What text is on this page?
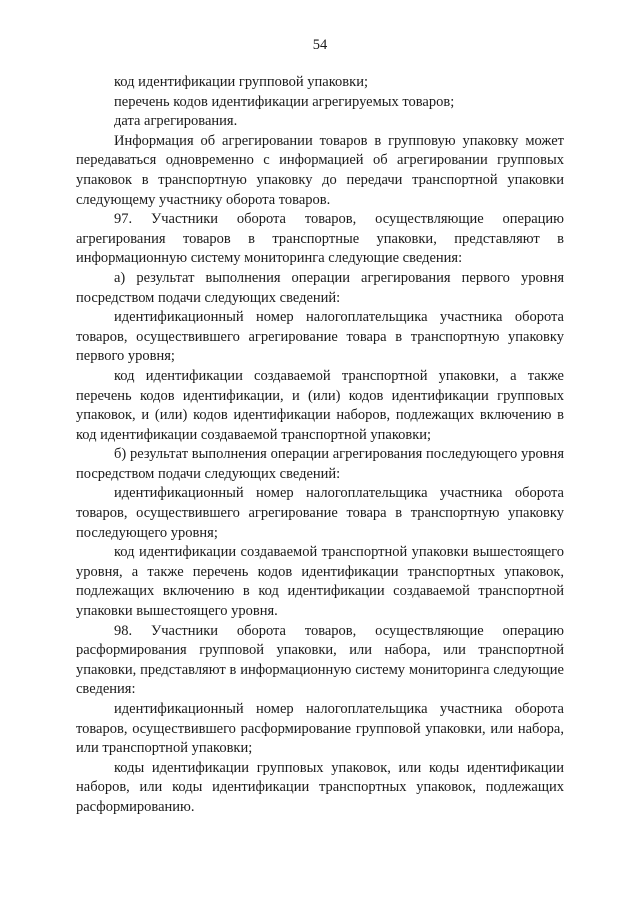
54

код идентификации групповой упаковки;

перечень кодов идентификации агрегируемых товаров;

дата агрегирования.

Информация об агрегировании товаров в групповую упаковку может передаваться одновременно с информацией об агрегировании групповых упаковок в транспортную упаковку до передачи транспортной упаковки следующему участнику оборота товаров.

97. Участники оборота товаров, осуществляющие операцию агрегирования товаров в транспортные упаковки, представляют в информационную систему мониторинга следующие сведения:

а) результат выполнения операции агрегирования первого уровня посредством подачи следующих сведений:

идентификационный номер налогоплательщика участника оборота товаров, осуществившего агрегирование товара в транспортную упаковку первого уровня;

код идентификации создаваемой транспортной упаковки, а также перечень кодов идентификации, и (или) кодов идентификации групповых упаковок, и (или) кодов идентификации наборов, подлежащих включению в код идентификации создаваемой транспортной упаковки;

б) результат выполнения операции агрегирования последующего уровня посредством подачи следующих сведений:

идентификационный номер налогоплательщика участника оборота товаров, осуществившего агрегирование товара в транспортную упаковку последующего уровня;

код идентификации создаваемой транспортной упаковки вышестоящего уровня, а также перечень кодов идентификации транспортных упаковок, подлежащих включению в код идентификации создаваемой транспортной упаковки вышестоящего уровня.

98. Участники оборота товаров, осуществляющие операцию расформирования групповой упаковки, или набора, или транспортной упаковки, представляют в информационную систему мониторинга следующие сведения:

идентификационный номер налогоплательщика участника оборота товаров, осуществившего расформирование групповой упаковки, или набора, или транспортной упаковки;

коды идентификации групповых упаковок, или коды идентификации наборов, или коды идентификации транспортных упаковок, подлежащих расформированию.
